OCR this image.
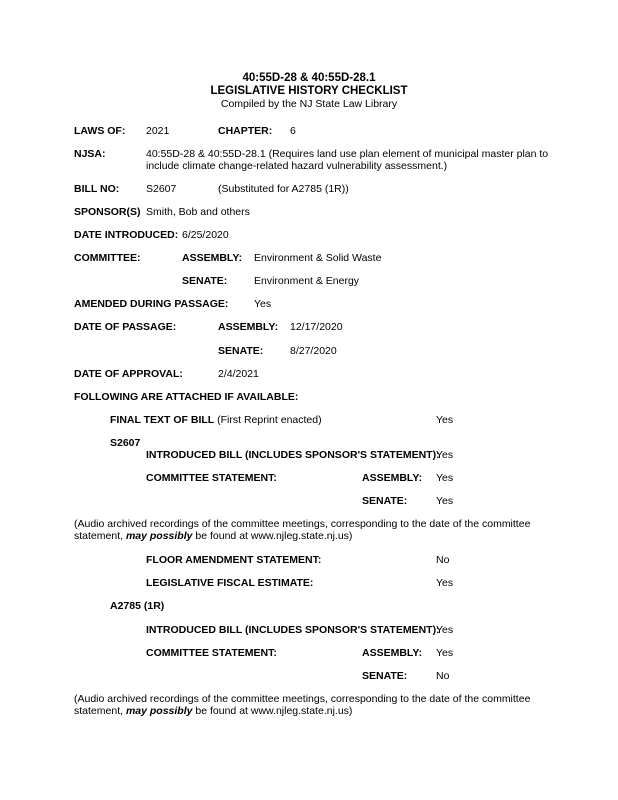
40:55D-28 & 40:55D-28.1
LEGISLATIVE HISTORY CHECKLIST
Compiled by the NJ State Law Library
LAWS OF: 2021	CHAPTER: 6
NJSA:	40:55D-28 & 40:55D-28.1 (Requires land use plan element of municipal master plan to
include climate change-related hazard vulnerability assessment.)
BILL NO:	S2607	(Substituted for A2785 (1R))
SPONSOR(S) Smith, Bob and others
DATE INTRODUCED: 6/25/2020
COMMITTEE:	ASSEMBLY: Environment & Solid Waste
SENATE:	Environment & Energy
AMENDED DURING PASSAGE: Yes
DATE OF PASSAGE:	ASSEMBLY: 12/17/2020
SENATE:	8/27/2020
DATE OF APPROVAL:	2/4/2021
FOLLOWING ARE ATTACHED IF AVAILABLE:
FINAL TEXT OF BILL (First Reprint enacted)	Yes
S2607
INTRODUCED BILL (INCLUDES SPONSOR'S STATEMENT):
Yes
COMMITTEE STATEMENT:	ASSEMBLY: Yes
SENATE:	Yes
(Audio archived recordings of the committee meetings, corresponding to the date of the committee
statement, may possibly be found at www.njleg.state.nj.us)
FLOOR AMENDMENT STATEMENT:	No
LEGISLATIVE FISCAL ESTIMATE:	Yes
A2785 (1R)
INTRODUCED BILL (INCLUDES SPONSOR'S STATEMENT):
Yes
COMMITTEE STATEMENT:	ASSEMBLY: Yes
SENATE:	No
(Audio archived recordings of the committee meetings, corresponding to the date of the committee
statement, may possibly be found at www.njleg.state.nj.us)
